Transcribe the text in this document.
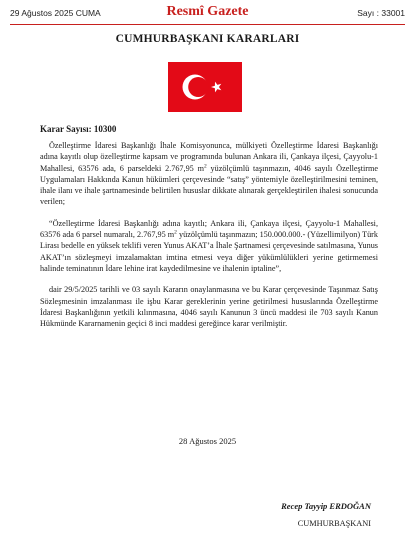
29 Ağustos 2025 CUMA	Resmî Gazete	Sayı : 33001
CUMHURBAŞKANI KARARLARI
Karar Sayısı: 10300

Özelleştirme İdaresi Başkanlığı İhale Komisyonunca, mülkiyeti Özelleştirme İdaresi Başkanlığı adına kayıtlı olup özelleştirme kapsam ve programında bulunan Ankara ili, Çankaya ilçesi, Çayyolu-1 Mahallesi, 63576 ada, 6 parseldeki 2.767,95 $m^2$ yüzölçümlü taşınmazın, 4046 sayılı Özelleştirme Uygulamaları Hakkında Kanun hükümleri çerçevesinde “satış” yöntemiyle özelleştirilmesini teminen, ihale ilanı ve ihale şartnamesinde belirtilen hususlar dikkate alınarak gerçekleştirilen ihalesi sonucunda verilen;

“Özelleştirme İdaresi Başkanlığı adına kayıtlı; Ankara ili, Çankaya ilçesi, Çayyolu-1 Mahallesi, 63576 ada 6 parsel numaralı, 2.767,95 $m^2$ yüzölçümlü taşınmazın; 150.000.000.- (Yüzellimilyon) Türk Lirası bedelle en yüksek teklifi veren Yunus AKAT’a İhale Şartnamesi çerçevesinde satılmasına, Yunus AKAT’ın sözleşmeyi imzalamaktan imtina etmesi veya diğer yükümlülükleri yerine getirmemesi halinde teminatının İdare lehine irat kaydedilmesine ve ihalenin iptaline”,

dair 29/5/2025 tarihli ve 03 sayılı Kararın onaylanmasına ve bu Karar çerçevesinde Taşınmaz Satış Sözleşmesinin imzalanması ile işbu Karar gereklerinin yerine getirilmesi hususlarında Özelleştirme İdaresi Başkanlığının yetkili kılınmasına, 4046 sayılı Kanunun 3 üncü maddesi ile 703 sayılı Kanun Hükmünde Kararnamenin geçici 8 inci maddesi gereğince karar verilmiştir.

28 Ağustos 2025
Recep Tayyip ERDOĞAN
CUMHURBAŞKANI
